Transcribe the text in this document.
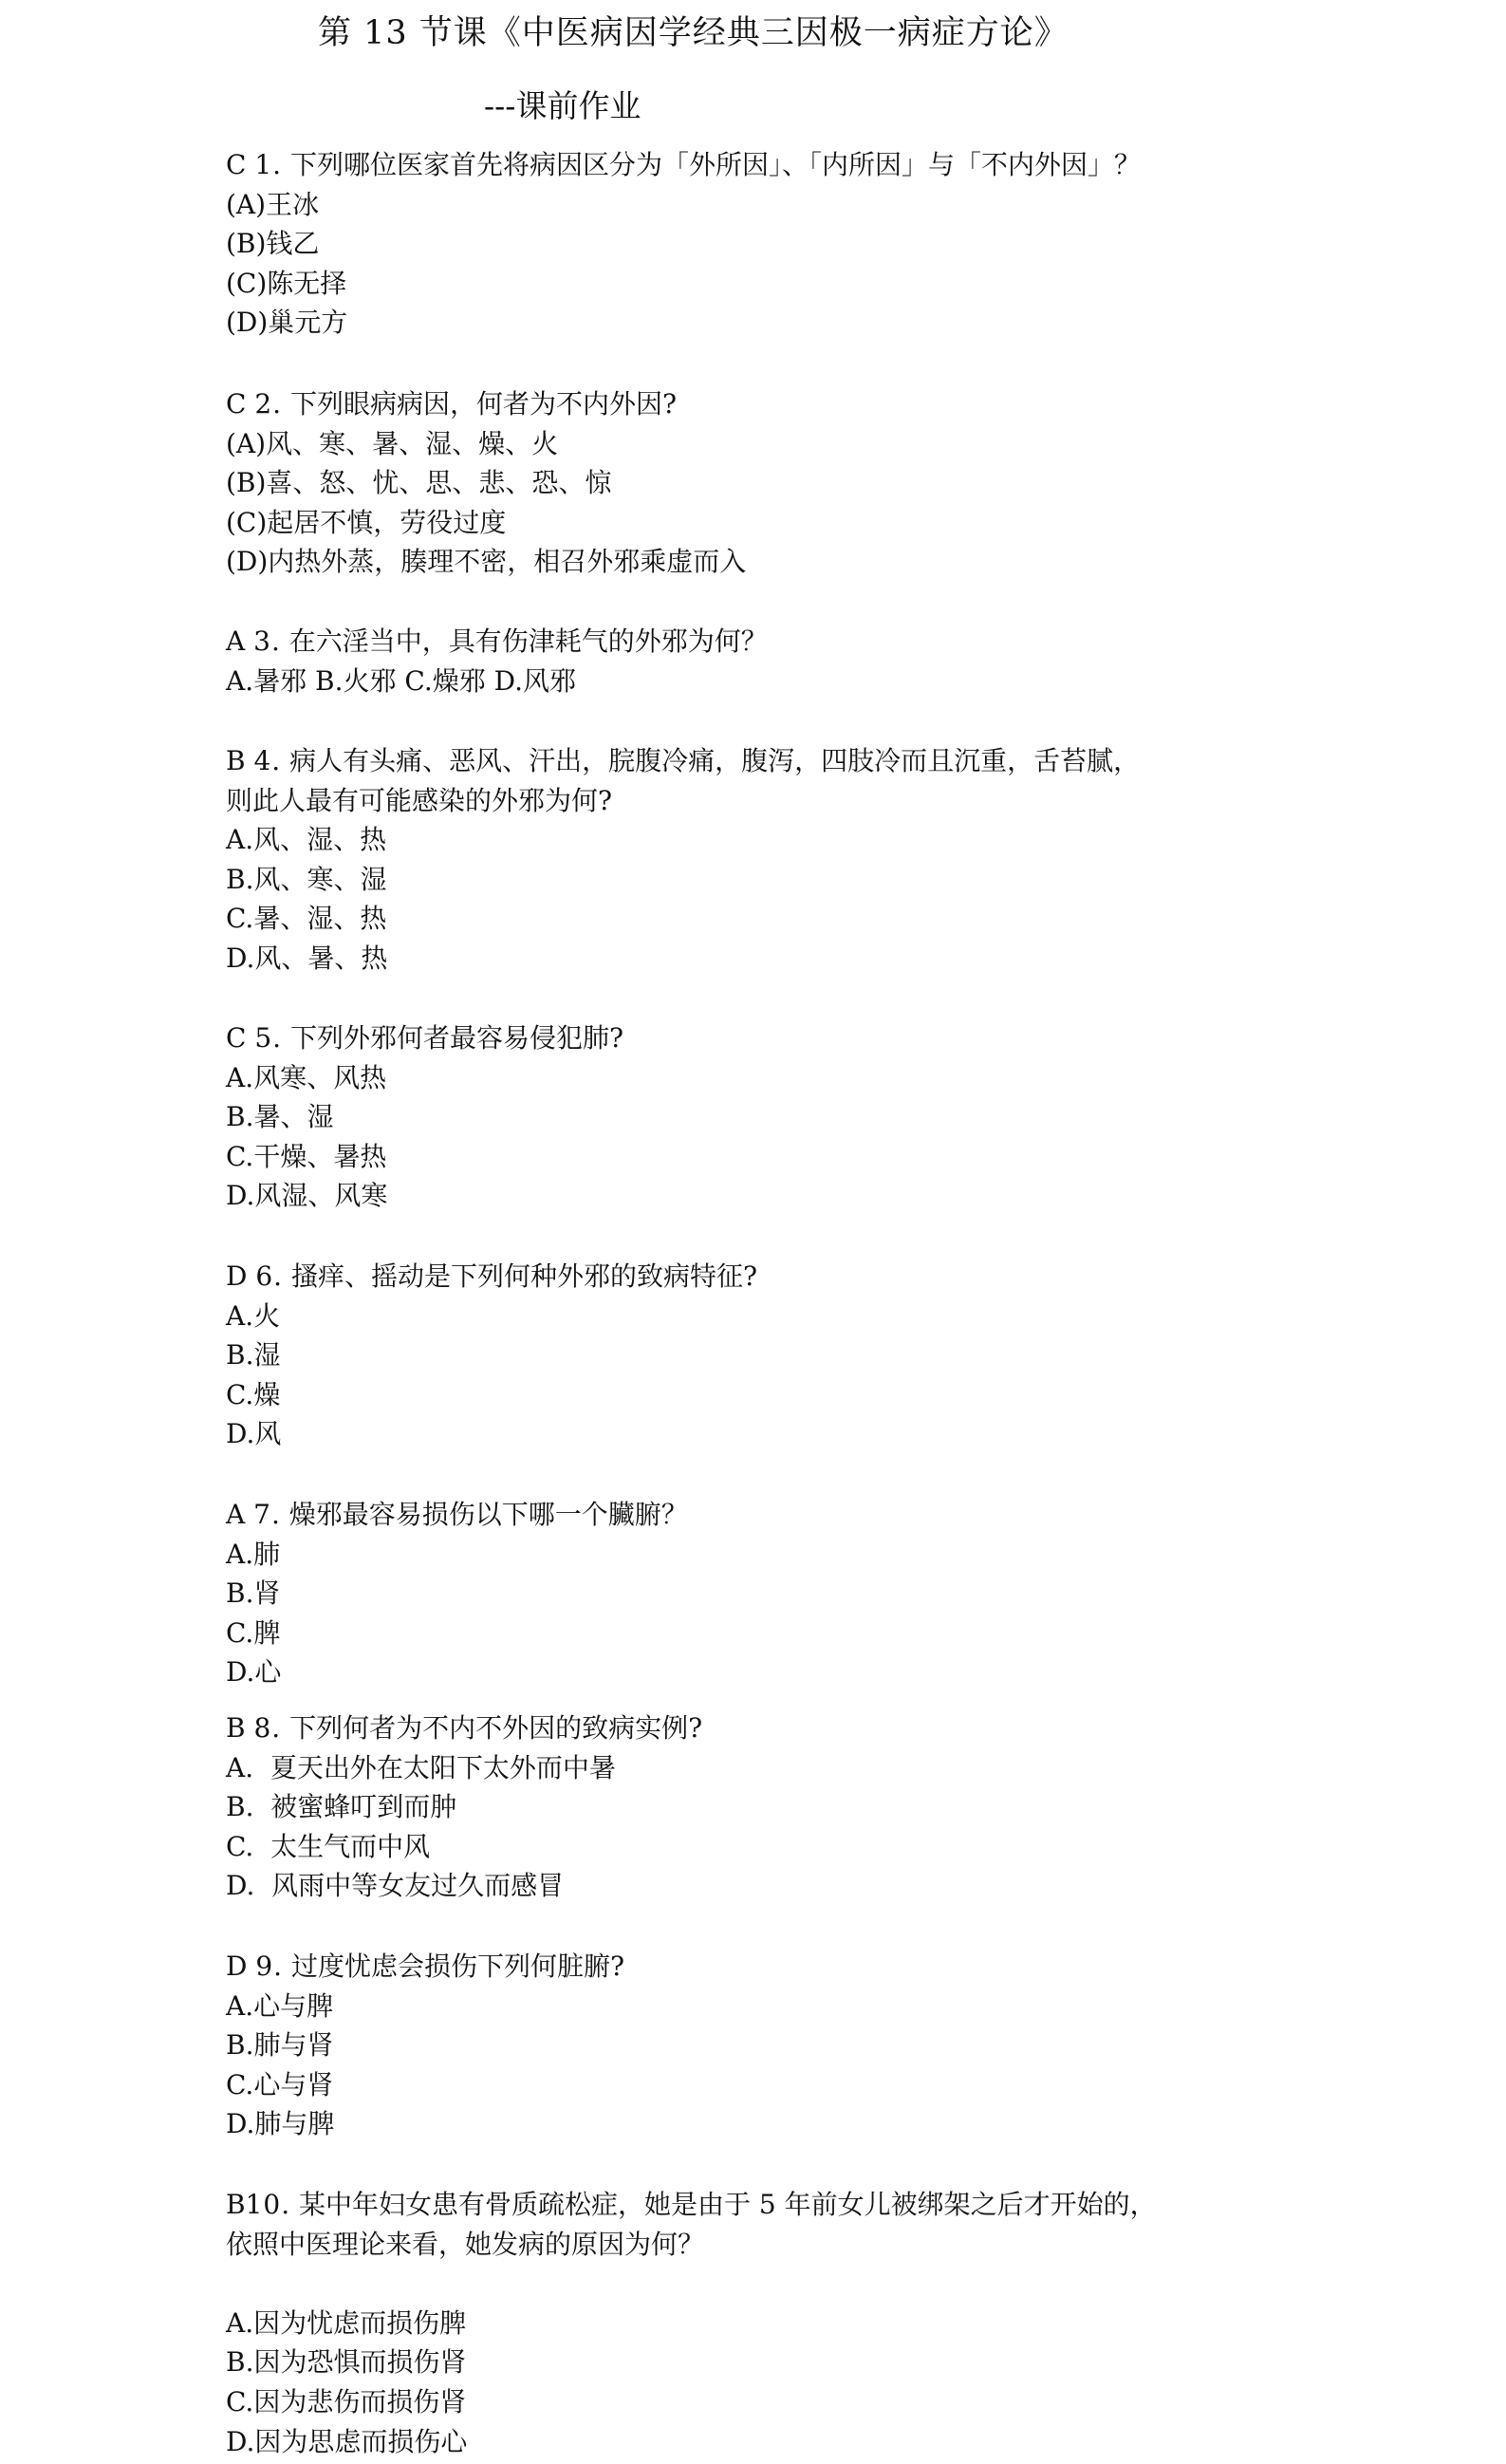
第 13 节课《中医病因学经典三因极一病症方论》
---课前作业
C 1. 下列哪位医家首先将病因区分为「外所因」、「内所因」与「不内外因」？
(A)王冰
(B)钱乙
(C)陈无择
(D)巢元方
C 2. 下列眼病病因，何者为不内外因?
(A)风、寒、暑、湿、燥、火
(B)喜、怒、忧、思、悲、恐、惊
(C)起居不慎，劳役过度
(D)内热外蒸，腠理不密，相召外邪乘虚而入
A 3. 在六淫当中，具有伤津耗气的外邪为何？
A.暑邪 B.火邪 C.燥邪 D.风邪
B 4. 病人有头痛、恶风、汗出，脘腹冷痛，腹泻，四肢冷而且沉重，舌苔腻，
则此人最有可能感染的外邪为何?
A.风、湿、热
B.风、寒、湿
C.暑、湿、热
D.风、暑、热
C 5. 下列外邪何者最容易侵犯肺?
A.风寒、风热
B.暑、湿
C.干燥、暑热
D.风湿、风寒
D 6. 搔痒、摇动是下列何种外邪的致病特征?
A.火
B.湿
C.燥
D.风
A 7. 燥邪最容易损伤以下哪一个臟腑？
A.肺
B.肾
C.脾
D.心
B 8. 下列何者为不内不外因的致病实例?
A.  夏天出外在太阳下太外而中暑
B.  被蜜蜂叮到而肿
C.  太生气而中风
D.  风雨中等女友过久而感冒
D 9. 过度忧虑会损伤下列何脏腑?
A.心与脾
B.肺与肾
C.心与肾
D.肺与脾
B10. 某中年妇女患有骨质疏松症，她是由于 5 年前女儿被绑架之后才开始的，
依照中医理论来看，她发病的原因为何？
A.因为忧虑而损伤脾
B.因为恐惧而损伤肾
C.因为悲伤而损伤肾
D.因为思虑而损伤心
